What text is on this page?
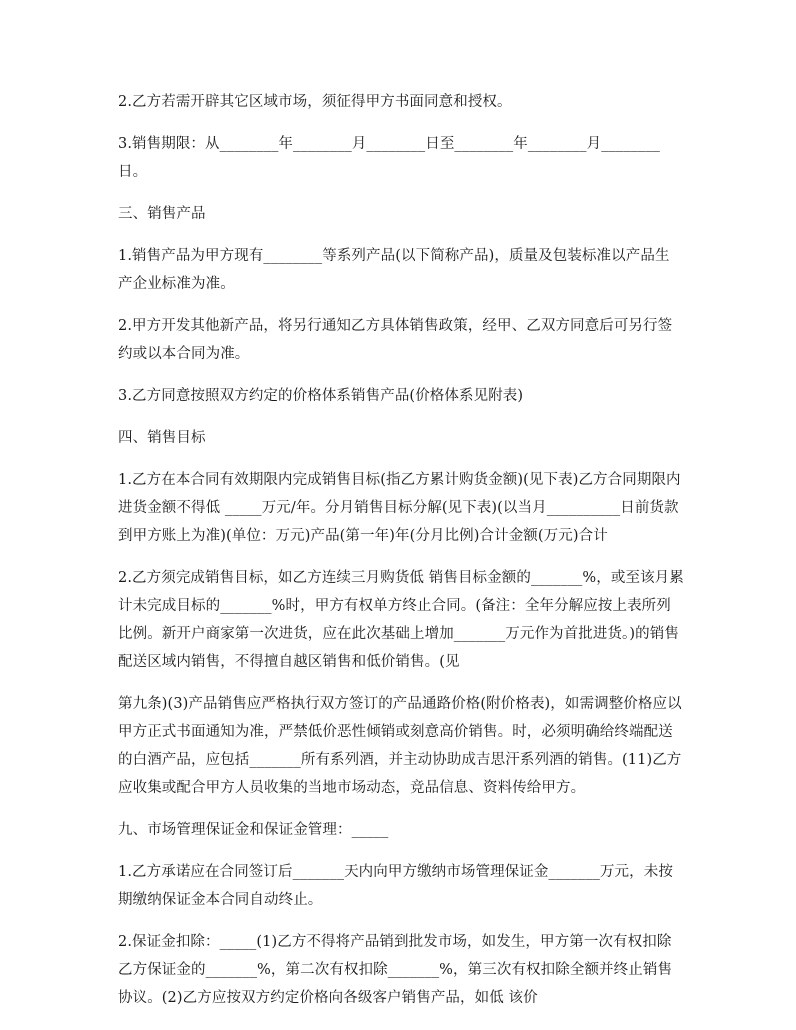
2.乙方若需开辟其它区域市场，须征得甲方书面同意和授权。

3.销售期限：从________年________月________日至________年________月________日。

三、销售产品

1.销售产品为甲方现有________等系列产品(以下简称产品)，质量及包装标准以产品生产企业标准为准。

2.甲方开发其他新产品，将另行通知乙方具体销售政策，经甲、乙双方同意后可另行签约或以本合同为准。

3.乙方同意按照双方约定的价格体系销售产品(价格体系见附表)

四、销售目标

1.乙方在本合同有效期限内完成销售目标(指乙方累计购货金额)(见下表)乙方合同期限内进货金额不得低 _____万元/年。分月销售目标分解(见下表)(以当月__________日前货款到甲方账上为准)(单位：万元)产品(第一年)年(分月比例)合计金额(万元)合计

2.乙方须完成销售目标，如乙方连续三月购货低 销售目标金额的_______%，或至该月累计未完成目标的_______%时，甲方有权单方终止合同。(备注：全年分解应按上表所列比例。新开户商家第一次进货，应在此次基础上增加_______万元作为首批进货。)的销售配送区域内销售，不得擅自越区销售和低价销售。(见

第九条)(3)产品销售应严格执行双方签订的产品通路价格(附价格表)，如需调整价格应以甲方正式书面通知为准，严禁低价恶性倾销或刻意高价销售。时，必须明确给终端配送的白酒产品，应包括_______所有系列酒，并主动协助成吉思汗系列酒的销售。(11)乙方应收集或配合甲方人员收集的当地市场动态，竞品信息、资料传给甲方。

九、市场管理保证金和保证金管理：_____

1.乙方承诺应在合同签订后_______天内向甲方缴纳市场管理保证金_______万元，未按期缴纳保证金本合同自动终止。

2.保证金扣除：_____(1)乙方不得将产品销到批发市场，如发生，甲方第一次有权扣除乙方保证金的_______%，第二次有权扣除_______%，第三次有权扣除全额并终止销售协议。(2)乙方应按双方约定价格向各级客户销售产品，如低 该价
